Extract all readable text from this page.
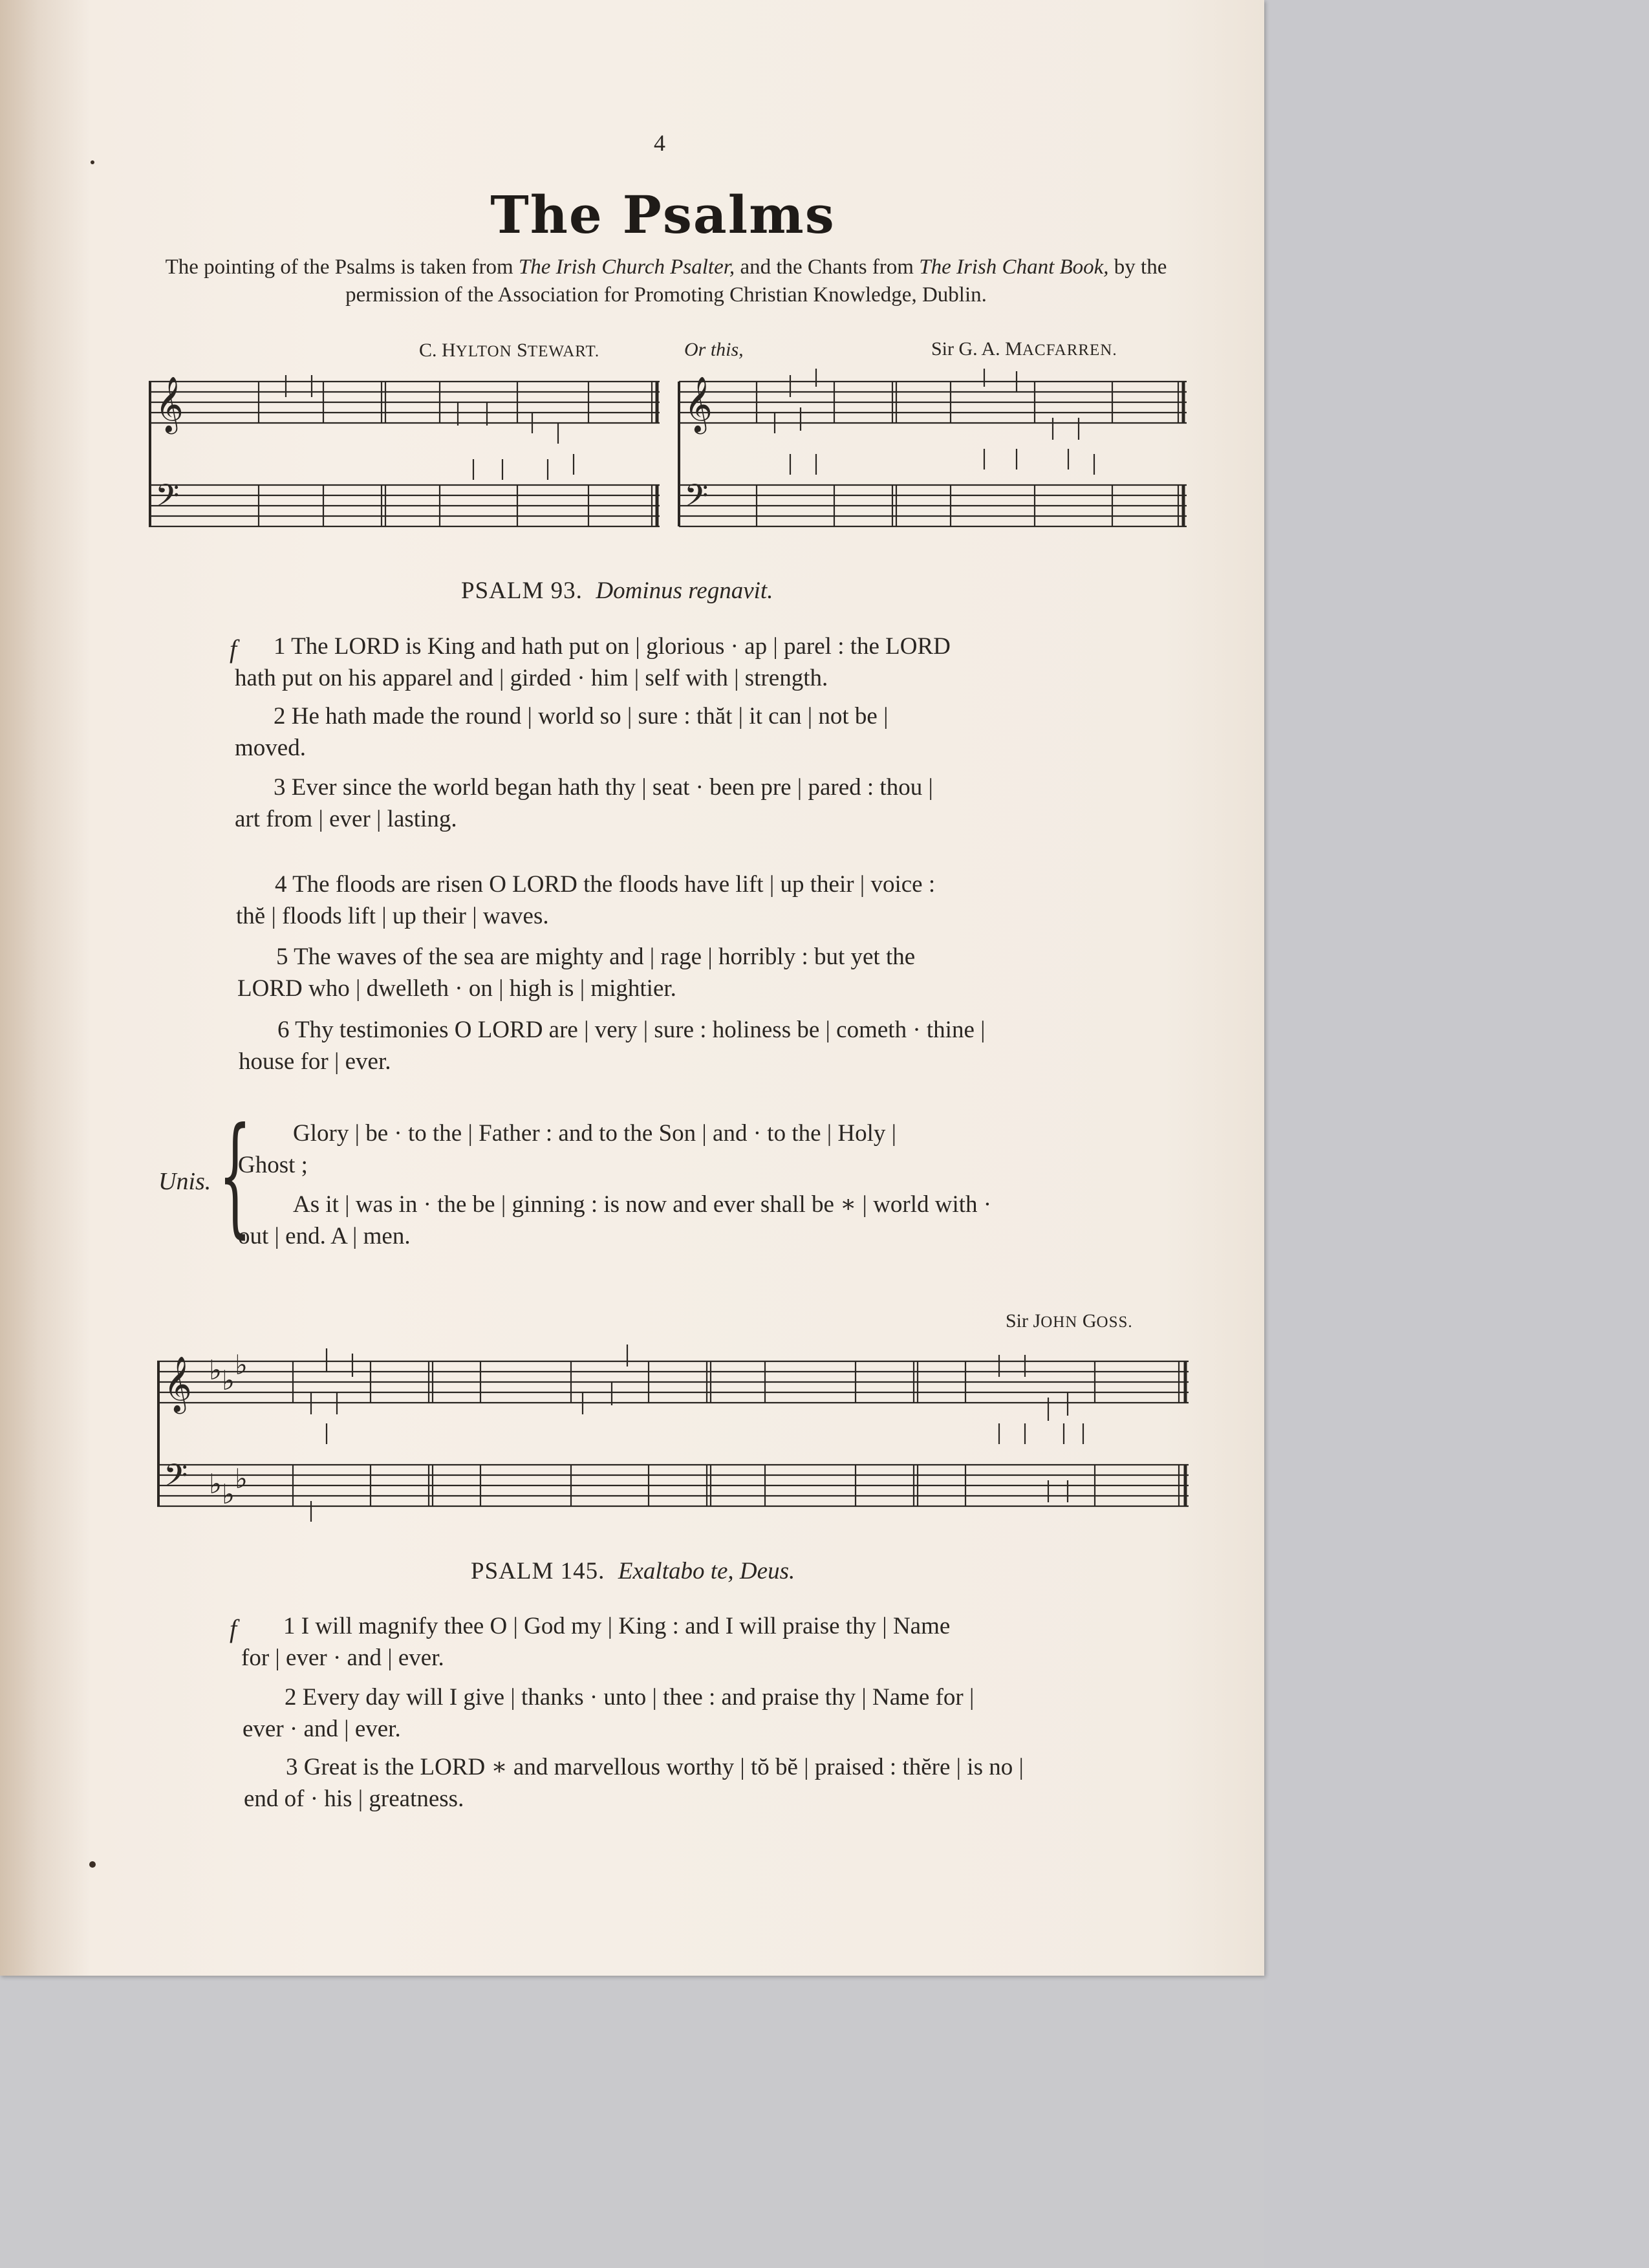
4
The Psalms
The pointing of the Psalms is taken from The Irish Church Psalter, and the Chants from The Irish Chant Book, by the permission of the Association for Promoting Christian Knowledge, Dublin.
C. HYLTON STEWART.	Or this,	Sir G. A. MACFARREN.
𝄞
𝄢
𝄞
𝄢
PSALM 93. Dominus regnavit.
f	1 The LORD is King and hath put on | glorious · ap | parel : the LORD
hath put on his apparel and | girded · him | self with | strength.
2 He hath made the round | world so | sure : thăt | it can | not be |
moved.
3 Ever since the world began hath thy | seat · been pre | pared : thou |
art from | ever | lasting.
4 The floods are risen O LORD the floods have lift | up their | voice :
thĕ | floods lift | up their | waves.
5 The waves of the sea are mighty and | rage | horribly : but yet the
LORD who | dwelleth · on | high is | mightier.
6 Thy testimonies O LORD are | very | sure : holiness be | cometh · thine |
house for | ever.
Unis. {	Glory | be · to the | Father : and to the Son | and · to the | Holy |
Ghost ;
As it | was in · the be | ginning : is now and ever shall be ∗ | world with ·
out | end. A | men.
Sir JOHN GOSS.
𝄞 ♭ ♭ ♭
𝄢 ♭ ♭ ♭
PSALM 145. Exaltabo te, Deus.
f	1 I will magnify thee O | God my | King : and I will praise thy | Name
for | ever · and | ever.
2 Every day will I give | thanks · unto | thee : and praise thy | Name for |
ever · and | ever.
3 Great is the LORD ∗ and marvellous worthy | tŏ bĕ | praised : thĕre | is no |
end of · his | greatness.
